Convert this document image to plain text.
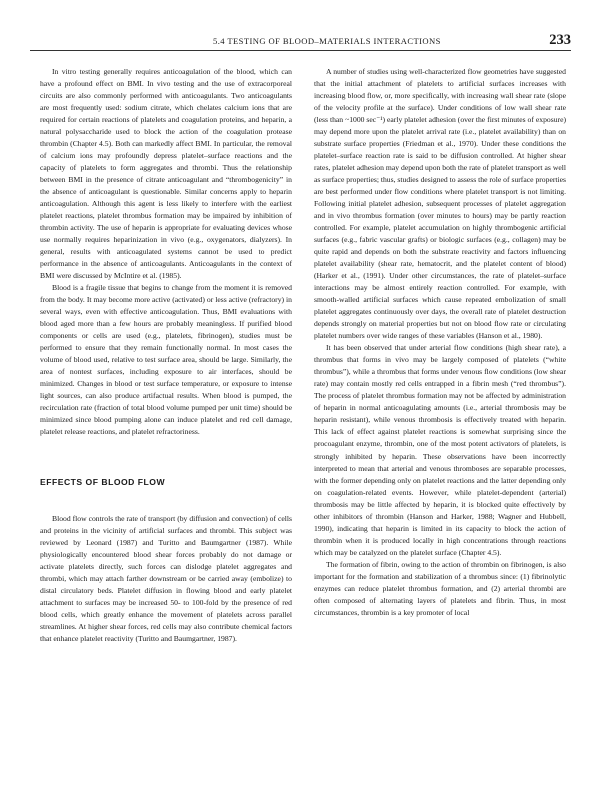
5.4 TESTING OF BLOOD–MATERIALS INTERACTIONS	233

In vitro testing generally requires anticoagulation of the blood, which can have a profound effect on BMI. In vivo testing and the use of extracorporeal circuits are also commonly performed with anticoagulants. Two anticoagulants are most frequently used: sodium citrate, which chelates calcium ions that are required for certain reactions of platelets and coagulation proteins, and heparin, a natural polysaccharide used to block the action of the coagulation protease thrombin (Chapter 4.5). Both can markedly affect BMI. In particular, the removal of calcium ions may profoundly depress platelet–surface reactions and the capacity of platelets to form aggregates and thrombi. Thus the relationship between BMI in the presence of citrate anticoagulant and “thrombogenicity” in the absence of anticoagulant is questionable. Similar concerns apply to heparin anticoagulation. Although this agent is less likely to interfere with the earliest platelet reactions, platelet thrombus formation may be impaired by inhibition of thrombin activity. The use of heparin is appropriate for evaluating devices whose use normally requires heparinization in vivo (e.g., oxygenators, dialyzers). In general, results with anticoagulated systems cannot be used to predict performance in the absence of anticoagulants. Anticoagulants in the context of BMI were discussed by McIntire et al. (1985).

Blood is a fragile tissue that begins to change from the moment it is removed from the body. It may become more active (activated) or less active (refractory) in several ways, even with effective anticoagulation. Thus, BMI evaluations with blood aged more than a few hours are probably meaningless. If purified blood components or cells are used (e.g., platelets, fibrinogen), studies must be performed to ensure that they remain functionally normal. In most cases the volume of blood used, relative to test surface area, should be large. Similarly, the area of nontest surfaces, including exposure to air interfaces, should be minimized. Changes in blood or test surface temperature, or exposure to intense light sources, can also produce artifactual results. When blood is pumped, the recirculation rate (fraction of total blood volume pumped per unit time) should be minimized since blood pumping alone can induce platelet and red cell damage, platelet release reactions, and platelet refractoriness.

EFFECTS OF BLOOD FLOW

Blood flow controls the rate of transport (by diffusion and convection) of cells and proteins in the vicinity of artificial surfaces and thrombi. This subject was reviewed by Leonard (1987) and Turitto and Baumgartner (1987). While physiologically encountered blood shear forces probably do not damage or activate platelets directly, such forces can dislodge platelet aggregates and thrombi, which may attach farther downstream or be carried away (embolize) to distal circulatory beds. Platelet diffusion in flowing blood and early platelet attachment to surfaces may be increased 50- to 100-fold by the presence of red blood cells, which greatly enhance the movement of platelets across parallel streamlines. At higher shear forces, red cells may also contribute chemical factors that enhance platelet reactivity (Turitto and Baumgartner, 1987).

A number of studies using well-characterized flow geometries have suggested that the initial attachment of platelets to artificial surfaces increases with increasing blood flow, or, more specifically, with increasing wall shear rate (slope of the velocity profile at the surface). Under conditions of low wall shear rate (less than ~1000 sec⁻¹) early platelet adhesion (over the first minutes of exposure) may depend more upon the platelet arrival rate (i.e., platelet availability) than on substrate surface properties (Friedman et al., 1970). Under these conditions the platelet–surface reaction rate is said to be diffusion controlled. At higher shear rates, platelet adhesion may depend upon both the rate of platelet transport as well as surface properties; thus, studies designed to assess the role of surface properties are best performed under flow conditions where platelet transport is not limiting. Following initial platelet adhesion, subsequent processes of platelet aggregation and in vivo thrombus formation (over minutes to hours) may be partly reaction controlled. For example, platelet accumulation on highly thrombogenic artificial surfaces (e.g., fabric vascular grafts) or biologic surfaces (e.g., collagen) may be quite rapid and depends on both the substrate reactivity and factors influencing platelet availability (shear rate, hematocrit, and the platelet content of blood) (Harker et al., (1991). Under other circumstances, the rate of platelet–surface interactions may be almost entirely reaction controlled. For example, with smooth-walled artificial surfaces which cause repeated embolization of small platelet aggregates continuously over days, the overall rate of platelet destruction depends strongly on material properties but not on blood flow rate or circulating platelet numbers over wide ranges of these variables (Hanson et al., 1980).

It has been observed that under arterial flow conditions (high shear rate), a thrombus that forms in vivo may be largely composed of platelets (“white thrombus”), while a thrombus that forms under venous flow conditions (low shear rate) may contain mostly red cells entrapped in a fibrin mesh (“red thrombus”). The process of platelet thrombus formation may not be affected by administration of heparin in normal anticoagulating amounts (i.e., arterial thrombosis may be heparin resistant), while venous thrombosis is effectively treated with heparin. This lack of effect against platelet reactions is somewhat surprising since the procoagulant enzyme, thrombin, one of the most potent activators of platelets, is strongly inhibited by heparin. These observations have been incorrectly interpreted to mean that arterial and venous thromboses are separable processes, with the former depending only on platelet reactions and the latter depending only on coagulation-related events. However, while platelet-dependent (arterial) thrombosis may be little affected by heparin, it is blocked quite effectively by other inhibitors of thrombin (Hanson and Harker, 1988; Wagner and Hubbell, 1990), indicating that heparin is limited in its capacity to block the action of thrombin when it is produced locally in high concentrations through reactions which may be catalyzed on the platelet surface (Chapter 4.5).

The formation of fibrin, owing to the action of thrombin on fibrinogen, is also important for the formation and stabilization of a thrombus since: (1) fibrinolytic enzymes can reduce platelet thrombus formation, and (2) arterial thrombi are often composed of alternating layers of platelets and fibrin. Thus, in most circumstances, thrombin is a key promoter of local
